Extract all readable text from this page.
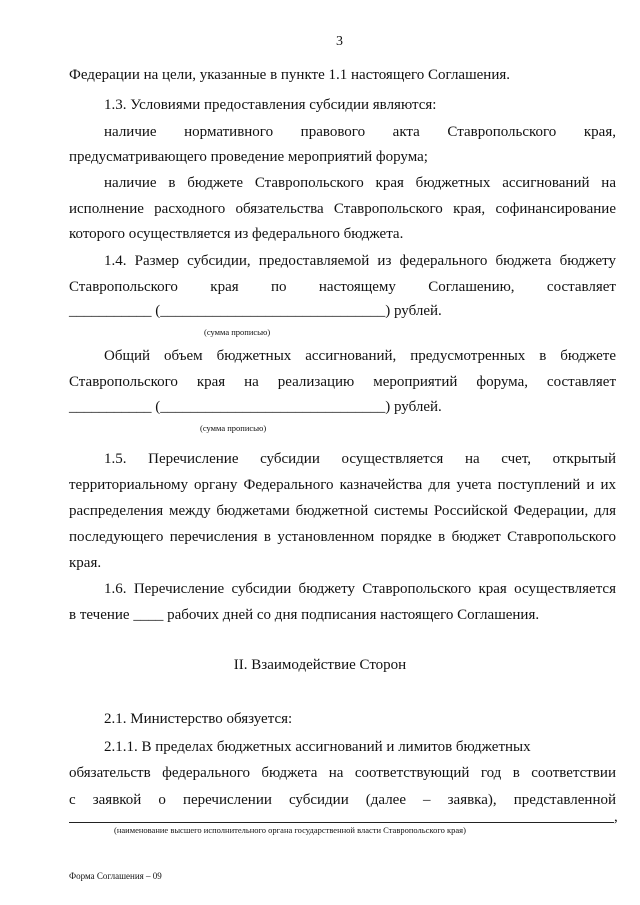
3
Федерации на цели, указанные в пункте 1.1 настоящего Соглашения.
1.3. Условиями предоставления субсидии являются:
наличие нормативного правового акта Ставропольского края,
предусматривающего проведение мероприятий форума;
наличие в бюджете Ставропольского края бюджетных ассигнований на
исполнение расходного обязательства Ставропольского края, софинансирование
которого осуществляется из федерального бюджета.
1.4. Размер субсидии, предоставляемой из федерального бюджета бюджету
Ставропольского края по настоящему Соглашению, составляет
___________ (______________________________) рублей.
(сумма прописью)
Общий объем бюджетных ассигнований, предусмотренных в бюджете
Ставропольского края на реализацию мероприятий форума, составляет
___________ (______________________________) рублей.
(сумма прописью)
1.5. Перечисление субсидии осуществляется на счет, открытый
территориальному органу Федерального казначейства для учета поступлений и их
распределения между бюджетами бюджетной системы Российской Федерации, для
последующего перечисления в установленном порядке в бюджет Ставропольского
края.
1.6. Перечисление субсидии бюджету Ставропольского края осуществляется
в течение ____ рабочих дней со дня подписания настоящего Соглашения.
II. Взаимодействие Сторон
2.1. Министерство обязуется:
2.1.1. В пределах бюджетных ассигнований и лимитов бюджетных
обязательств федерального бюджета на соответствующий год в соответствии
с заявкой о перечислении субсидии (далее – заявка), представленной
,
(наименование высшего исполнительного органа государственной власти Ставропольского края)
Форма Соглашения – 09
